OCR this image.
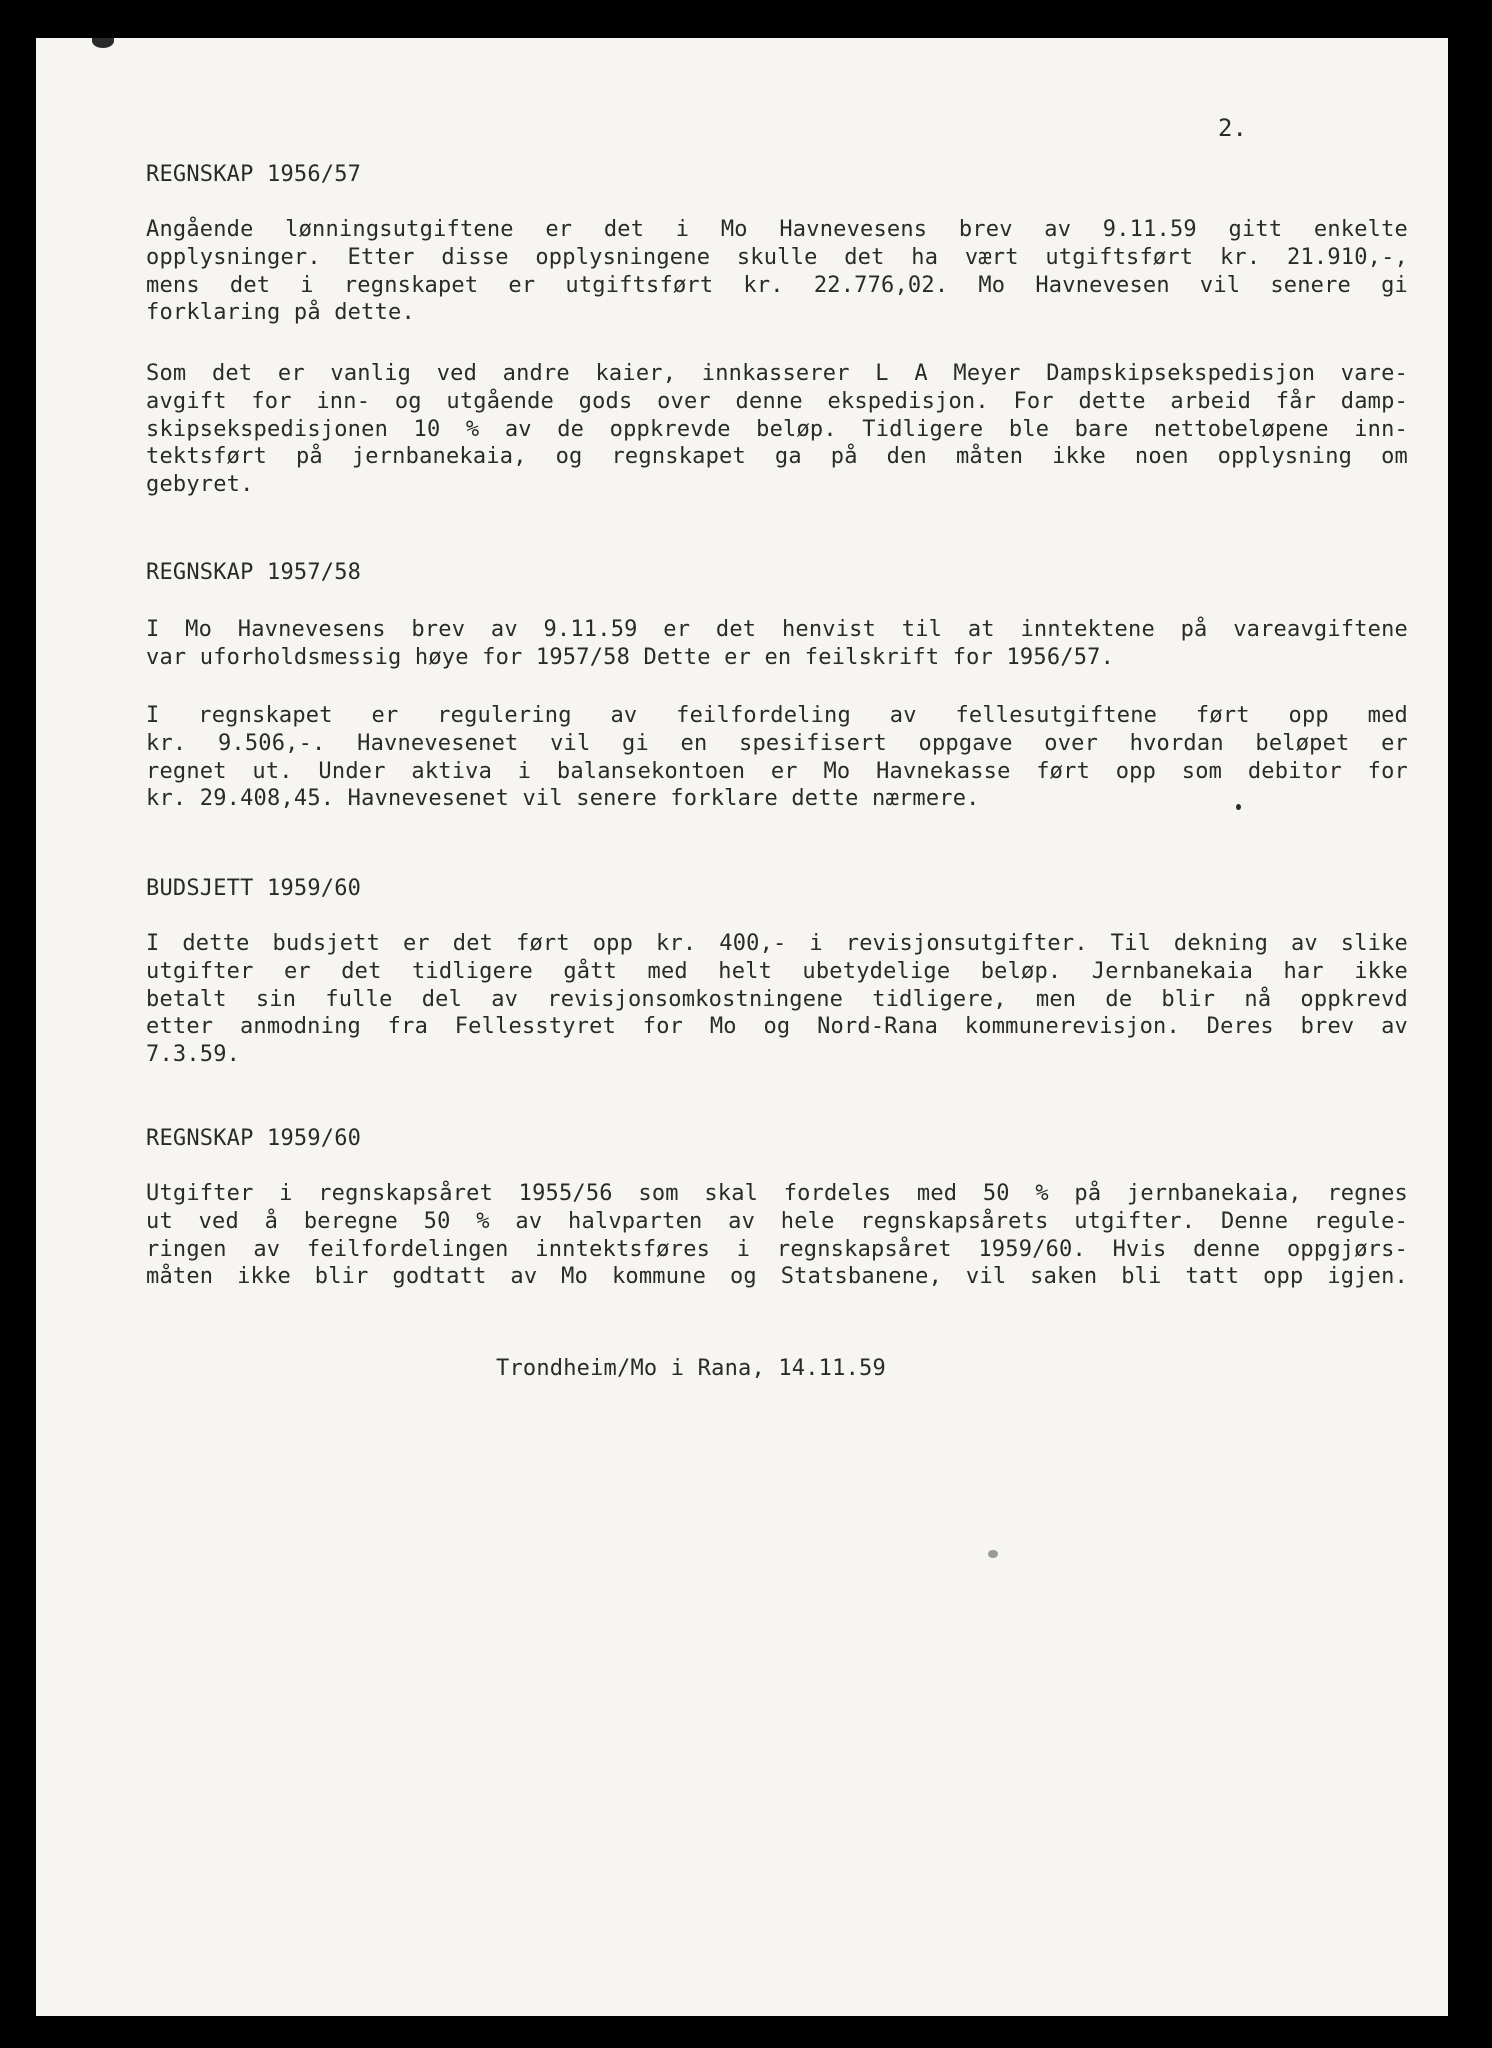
2.
REGNSKAP 1956/57
Angående lønningsutgiftene er det i Mo Havnevesens brev av 9.11.59 gitt enkelte
opplysninger. Etter disse opplysningene skulle det ha vært utgiftsført kr. 21.910,-,
mens det i regnskapet er utgiftsført kr. 22.776,02. Mo Havnevesen vil senere gi
forklaring på dette.
Som det er vanlig ved andre kaier, innkasserer L A Meyer Dampskipsekspedisjon vare-
avgift for inn- og utgående gods over denne ekspedisjon. For dette arbeid får damp-
skipsekspedisjonen 10 % av de oppkrevde beløp. Tidligere ble bare nettobeløpene inn-
tektsført på jernbanekaia, og regnskapet ga på den måten ikke noen opplysning om
gebyret.
REGNSKAP 1957/58
I Mo Havnevesens brev av 9.11.59 er det henvist til at inntektene på vareavgiftene
var uforholdsmessig høye for 1957/58 Dette er en feilskrift for 1956/57.
I regnskapet er regulering av feilfordeling av fellesutgiftene ført opp med
kr. 9.506,-. Havnevesenet vil gi en spesifisert oppgave over hvordan beløpet er
regnet ut. Under aktiva i balansekontoen er Mo Havnekasse ført opp som debitor for
kr. 29.408,45. Havnevesenet vil senere forklare dette nærmere.
BUDSJETT 1959/60
I dette budsjett er det ført opp kr. 400,- i revisjonsutgifter. Til dekning av slike
utgifter er det tidligere gått med helt ubetydelige beløp. Jernbanekaia har ikke
betalt sin fulle del av revisjonsomkostningene tidligere, men de blir nå oppkrevd
etter anmodning fra Fellesstyret for Mo og Nord-Rana kommunerevisjon. Deres brev av
7.3.59.
REGNSKAP 1959/60
Utgifter i regnskapsåret 1955/56 som skal fordeles med 50 % på jernbanekaia, regnes
ut ved å beregne 50 % av halvparten av hele regnskapsårets utgifter. Denne regule-
ringen av feilfordelingen inntektsføres i regnskapsåret 1959/60. Hvis denne oppgjørs-
måten ikke blir godtatt av Mo kommune og Statsbanene, vil saken bli tatt opp igjen.
Trondheim/Mo i Rana, 14.11.59
